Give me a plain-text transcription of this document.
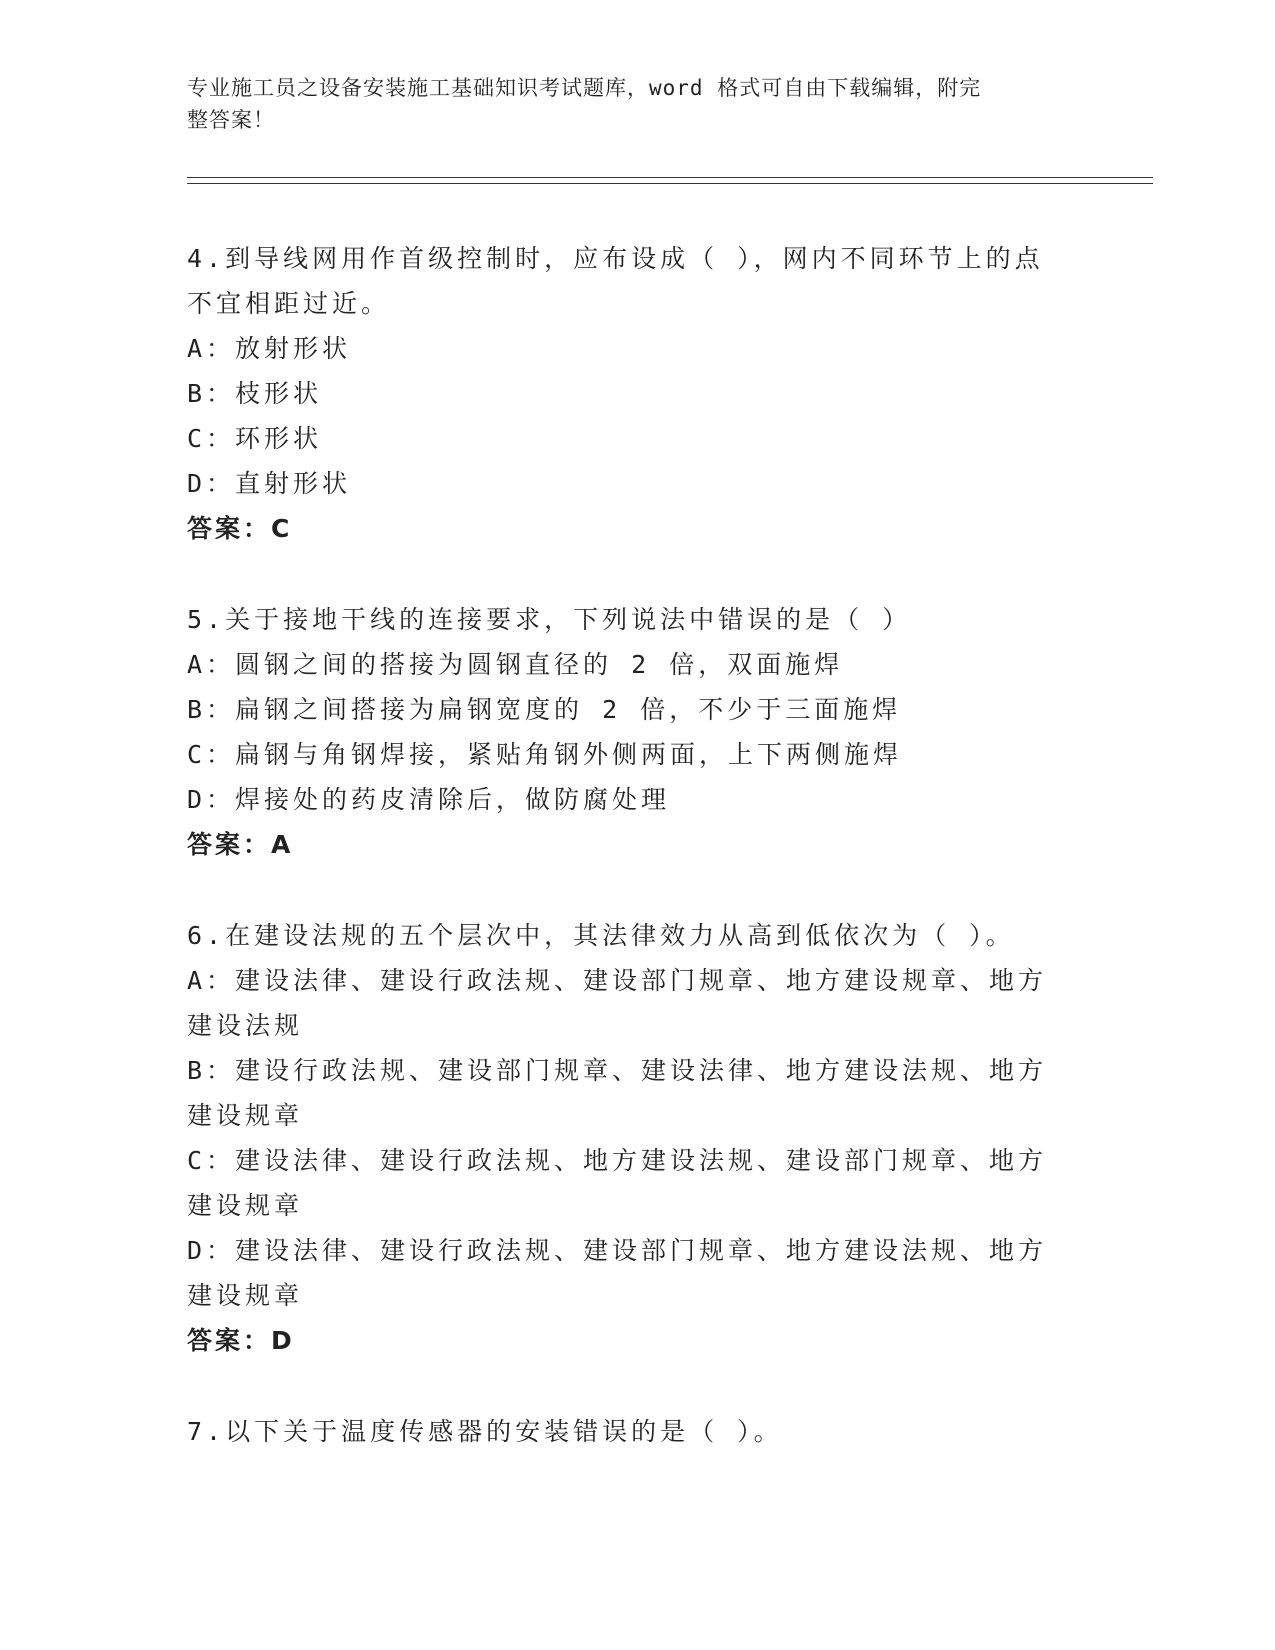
专业施工员之设备安装施工基础知识考试题库，word 格式可自由下载编辑，附完
整答案！
4.到导线网用作首级控制时，应布设成（ ），网内不同环节上的点不宜相距过近。
A：放射形状
B：枝形状
C：环形状
D：直射形状
答案：C
5.关于接地干线的连接要求，下列说法中错误的是（ ）
A：圆钢之间的搭接为圆钢直径的 2 倍，双面施焊
B：扁钢之间搭接为扁钢宽度的 2 倍，不少于三面施焊
C：扁钢与角钢焊接，紧贴角钢外侧两面，上下两侧施焊
D：焊接处的药皮清除后，做防腐处理
答案：A
6.在建设法规的五个层次中，其法律效力从高到低依次为（ ）。
A：建设法律、建设行政法规、建设部门规章、地方建设规章、地方建设法规
B：建设行政法规、建设部门规章、建设法律、地方建设法规、地方建设规章
C：建设法律、建设行政法规、地方建设法规、建设部门规章、地方建设规章
D：建设法律、建设行政法规、建设部门规章、地方建设法规、地方建设规章
答案：D
7.以下关于温度传感器的安装错误的是（ ）。
